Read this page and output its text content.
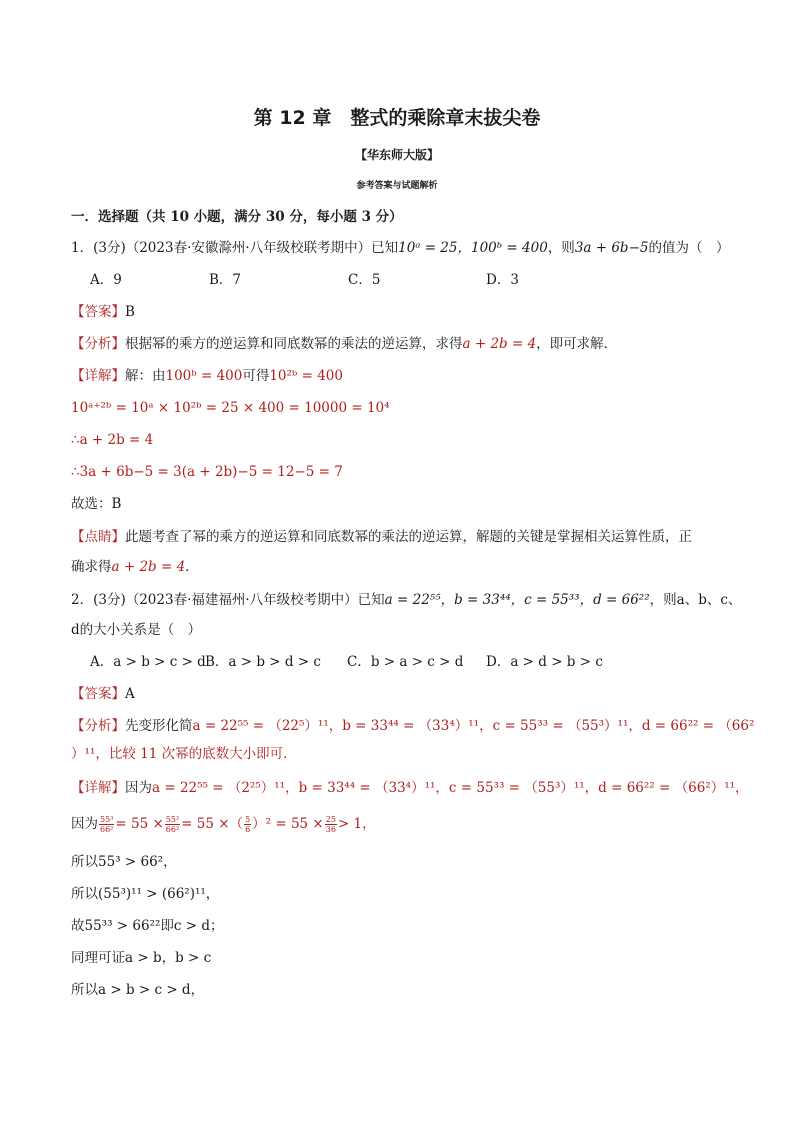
第 12 章　整式的乘除章末拔尖卷
【华东师大版】
参考答案与试题解析
一．选择题（共 10 小题，满分 30 分，每小题 3 分）
1．(3分)（2023春·安徽滁州·八年级校联考期中）已知10ᵃ = 25，100ᵇ = 400，则3a + 6b−5的值为（　）
A．9	B．7	C．5	D．3
【答案】B
【分析】根据幂的乘方的逆运算和同底数幂的乘法的逆运算，求得a + 2b = 4，即可求解．
【详解】解：由100ᵇ = 400可得10²ᵇ = 400
10ᵃ⁺²ᵇ = 10ᵃ × 10²ᵇ = 25 × 400 = 10000 = 10⁴
∴a + 2b = 4
∴3a + 6b−5 = 3(a + 2b)−5 = 12−5 = 7
故选：B
【点睛】此题考查了幂的乘方的逆运算和同底数幂的乘法的逆运算，解题的关键是掌握相关运算性质，正
确求得a + 2b = 4．
2．(3分)（2023春·福建福州·八年级校考期中）已知a = 22⁵⁵，b = 33⁴⁴，c = 55³³，d = 66²²，则a、b、c、
d的大小关系是（　）
A．a > b > c > d B．a > b > d > c C．b > a > c > d D．a > d > b > c
【答案】A
【分析】先变形化简a = 22⁵⁵ = （22⁵）¹¹，b = 33⁴⁴ = （33⁴）¹¹，c = 55³³ = （55³）¹¹，d = 66²² = （66²
）¹¹，比较 11 次幂的底数大小即可．
【详解】因为a = 22⁵⁵ = （2²⁵）¹¹，b = 33⁴⁴ = （33⁴）¹¹，c = 55³³ = （55³）¹¹，d = 66²² = （66²）¹¹，
因为 $\frac{\text{55³}}{\text{66²}} = 55 \times \frac{\text{55²}}{\text{66²}} = 55$ ×（ $\frac{5}{6} )^2 = 55 \times \frac{25}{36} > 1$，
所以55³ > 66²，
所以(55³)¹¹ > (66²)¹¹，
故55³³ > 66²²即c > d；
同理可证a > b，b > c
所以a > b > c > d，
